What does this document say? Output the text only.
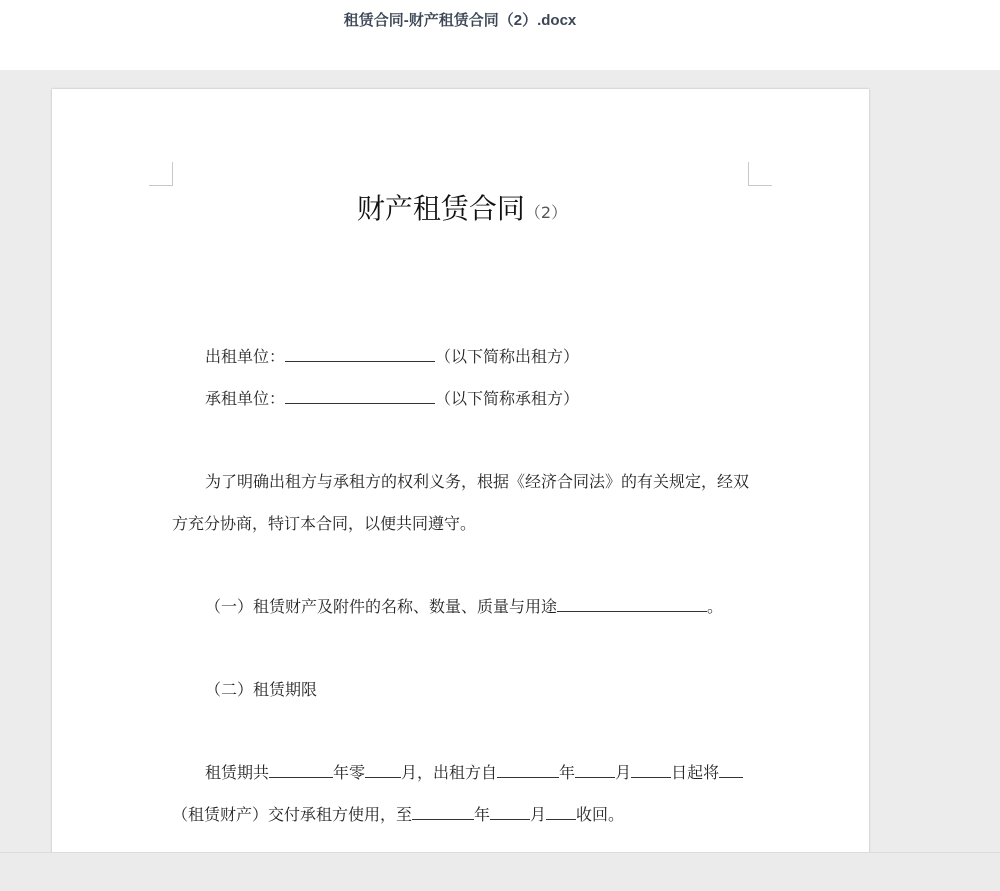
租赁合同-财产租赁合同（2）.docx
财产租赁合同（2）
出租单位：	（以下简称出租方）
承租单位：	（以下简称承租方）
为了明确出租方与承租方的权利义务，根据《经济合同法》的有关规定，经双
方充分协商，特订本合同，以便共同遵守。
（一）租赁财产及附件的名称、数量、质量与用途	。
（二）租赁期限
租赁期共	年零 月，出租方自	年	月	日起将
（租赁财产）交付承租方使用，至	年	月 收回。
